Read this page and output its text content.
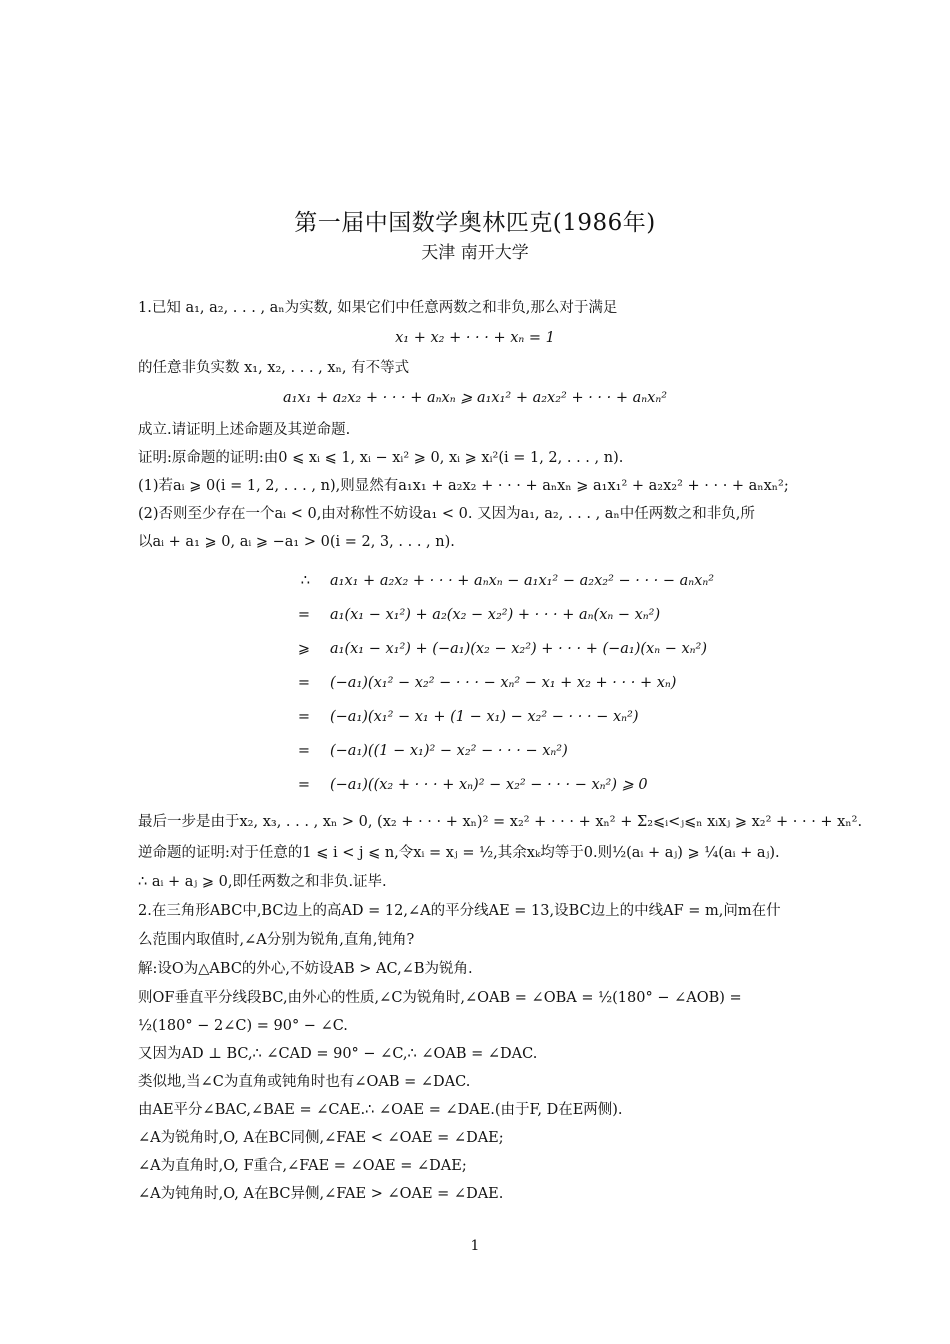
第一届中国数学奥林匹克(1986年)
天津 南开大学
1.已知 a₁, a₂, . . . , aₙ为实数, 如果它们中任意两数之和非负,那么对于满足
x₁ + x₂ + · · · + xₙ = 1
的任意非负实数 x₁, x₂, . . . , xₙ, 有不等式
a₁x₁ + a₂x₂ + · · · + aₙxₙ ⩾ a₁x₁² + a₂x₂² + · · · + aₙxₙ²
成立.请证明上述命题及其逆命题.
证明:原命题的证明:由0 ⩽ xᵢ ⩽ 1, xᵢ − xᵢ² ⩾ 0, xᵢ ⩾ xᵢ²(i = 1, 2, . . . , n).
(1)若aᵢ ⩾ 0(i = 1, 2, . . . , n),则显然有a₁x₁ + a₂x₂ + · · · + aₙxₙ ⩾ a₁x₁² + a₂x₂² + · · · + aₙxₙ²;
(2)否则至少存在一个aᵢ < 0,由对称性不妨设a₁ < 0. 又因为a₁, a₂, . . . , aₙ中任两数之和非负,所
以aᵢ + a₁ ⩾ 0, aᵢ ⩾ −a₁ > 0(i = 2, 3, . . . , n).
∴ a₁x₁ + a₂x₂ + · · · + aₙxₙ − a₁x₁² − a₂x₂² − · · · − aₙxₙ²
= a₁(x₁ − x₁²) + a₂(x₂ − x₂²) + · · · + aₙ(xₙ − xₙ²)
⩾ a₁(x₁ − x₁²) + (−a₁)(x₂ − x₂²) + · · · + (−a₁)(xₙ − xₙ²)
= (−a₁)(x₁² − x₂² − · · · − xₙ² − x₁ + x₂ + · · · + xₙ)
= (−a₁)(x₁² − x₁ + (1 − x₁) − x₂² − · · · − xₙ²)
= (−a₁)((1 − x₁)² − x₂² − · · · − xₙ²)
= (−a₁)((x₂ + · · · + xₙ)² − x₂² − · · · − xₙ²) ⩾ 0
最后一步是由于x₂, x₃, . . . , xₙ > 0, (x₂ + · · · + xₙ)² = x₂² + · · · + xₙ² + Σ₂⩽ᵢ<ⱼ⩽ₙ xᵢxⱼ ⩾ x₂² + · · · + xₙ².
逆命题的证明:对于任意的1 ⩽ i < j ⩽ n,令xᵢ = xⱼ = ½,其余xₖ均等于0.则½(aᵢ + aⱼ) ⩾ ¼(aᵢ + aⱼ).
∴ aᵢ + aⱼ ⩾ 0,即任两数之和非负.证毕.
2.在三角形ABC中,BC边上的高AD = 12,∠A的平分线AE = 13,设BC边上的中线AF = m,问m在什
么范围内取值时,∠A分别为锐角,直角,钝角?
解:设O为△ABC的外心,不妨设AB > AC,∠B为锐角.
则OF垂直平分线段BC,由外心的性质,∠C为锐角时,∠OAB = ∠OBA = ½(180° − ∠AOB) =
½(180° − 2∠C) = 90° − ∠C.
又因为AD ⊥ BC,∴ ∠CAD = 90° − ∠C,∴ ∠OAB = ∠DAC.
类似地,当∠C为直角或钝角时也有∠OAB = ∠DAC.
由AE平分∠BAC,∠BAE = ∠CAE.∴ ∠OAE = ∠DAE.(由于F, D在E两侧).
∠A为锐角时,O, A在BC同侧,∠FAE < ∠OAE = ∠DAE;
∠A为直角时,O, F重合,∠FAE = ∠OAE = ∠DAE;
∠A为钝角时,O, A在BC异侧,∠FAE > ∠OAE = ∠DAE.
1
